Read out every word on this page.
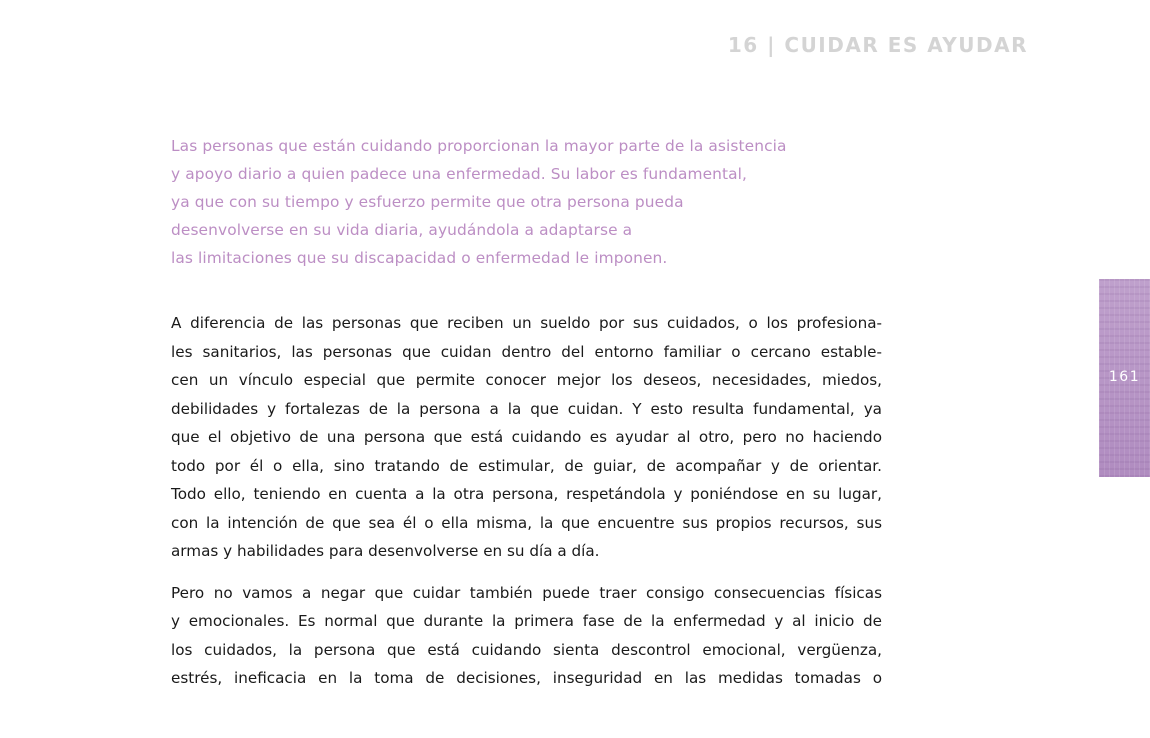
16 | CUIDAR ES AYUDAR
Las personas que están cuidando proporcionan la mayor parte de la asistencia
y apoyo diario a quien padece una enfermedad. Su labor es fundamental,
ya que con su tiempo y esfuerzo permite que otra persona pueda
desenvolverse en su vida diaria, ayudándola a adaptarse a
las limitaciones que su discapacidad o enfermedad le imponen.

A diferencia de las personas que reciben un sueldo por sus cuidados, o los profesiona-
les sanitarios, las personas que cuidan dentro del entorno familiar o cercano estable-
cen un vínculo especial que permite conocer mejor los deseos, necesidades, miedos,
debilidades y fortalezas de la persona a la que cuidan. Y esto resulta fundamental, ya
que el objetivo de una persona que está cuidando es ayudar al otro, pero no haciendo
todo por él o ella, sino tratando de estimular, de guiar, de acompañar y de orientar.
Todo ello, teniendo en cuenta a la otra persona, respetándola y poniéndose en su lugar,
con la intención de que sea él o ella misma, la que encuentre sus propios recursos, sus
armas y habilidades para desenvolverse en su día a día.

Pero no vamos a negar que cuidar también puede traer consigo consecuencias físicas
y emocionales. Es normal que durante la primera fase de la enfermedad y al inicio de
los cuidados, la persona que está cuidando sienta descontrol emocional, vergüenza,
estrés, ineficacia en la toma de decisiones, inseguridad en las medidas tomadas o

161
